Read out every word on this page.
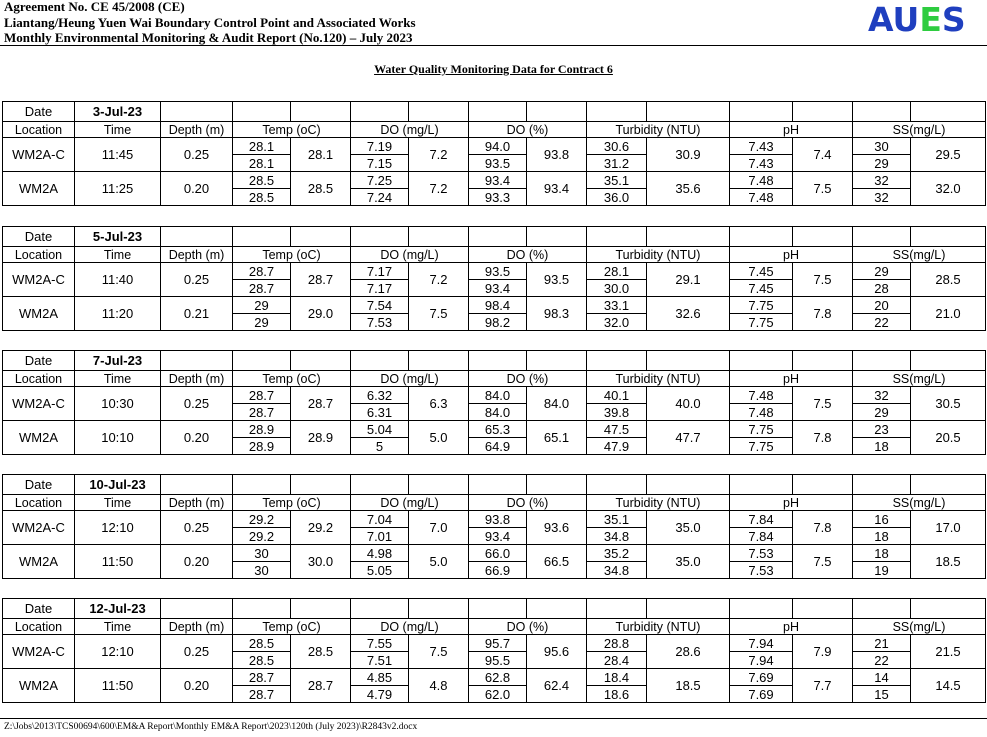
Agreement No. CE 45/2008 (CE)
Liantang/Heung Yuen Wai Boundary Control Point and Associated Works
Monthly Environmental Monitoring & Audit Report (No.120) – July 2023	AUES
Water Quality Monitoring Data for Contract 6
Date	3-Jul-23													
Location	Time	Depth (m)	Temp (oC)		DO (mg/L)		DO (%)		Turbidity (NTU)		pH		SS(mg/L)	
WM2A-C	11:45	0.25	28.1	28.1	7.19	7.2	94.0	93.8	30.6	30.9	7.43	7.4	30	29.5
			28.1		7.15		93.5		31.2		7.43		29	
WM2A	11:25	0.20	28.5	28.5	7.25	7.2	93.4	93.4	35.1	35.6	7.48	7.5	32	32.0
			28.5		7.24		93.3		36.0		7.48		32	
Date	5-Jul-23													
Location	Time	Depth (m)	Temp (oC)		DO (mg/L)		DO (%)		Turbidity (NTU)		pH		SS(mg/L)	
WM2A-C	11:40	0.25	28.7	28.7	7.17	7.2	93.5	93.5	28.1	29.1	7.45	7.5	29	28.5
			28.7		7.17		93.4		30.0		7.45		28	
WM2A	11:20	0.21	29	29.0	7.54	7.5	98.4	98.3	33.1	32.6	7.75	7.8	20	21.0
			29		7.53		98.2		32.0		7.75		22	
Date	7-Jul-23													
Location	Time	Depth (m)	Temp (oC)		DO (mg/L)		DO (%)		Turbidity (NTU)		pH		SS(mg/L)	
WM2A-C	10:30	0.25	28.7	28.7	6.32	6.3	84.0	84.0	40.1	40.0	7.48	7.5	32	30.5
			28.7		6.31		84.0		39.8		7.48		29	
WM2A	10:10	0.20	28.9	28.9	5.04	5.0	65.3	65.1	47.5	47.7	7.75	7.8	23	20.5
			28.9		5		64.9		47.9		7.75		18	
Date	10-Jul-23													
Location	Time	Depth (m)	Temp (oC)		DO (mg/L)		DO (%)		Turbidity (NTU)		pH		SS(mg/L)	
WM2A-C	12:10	0.25	29.2	29.2	7.04	7.0	93.8	93.6	35.1	35.0	7.84	7.8	16	17.0
			29.2		7.01		93.4		34.8		7.84		18	
WM2A	11:50	0.20	30	30.0	4.98	5.0	66.0	66.5	35.2	35.0	7.53	7.5	18	18.5
			30		5.05		66.9		34.8		7.53		19	
Date	12-Jul-23													
Location	Time	Depth (m)	Temp (oC)		DO (mg/L)		DO (%)		Turbidity (NTU)		pH		SS(mg/L)	
WM2A-C	12:10	0.25	28.5	28.5	7.55	7.5	95.7	95.6	28.8	28.6	7.94	7.9	21	21.5
			28.5		7.51		95.5		28.4		7.94		22	
WM2A	11:50	0.20	28.7	28.7	4.85	4.8	62.8	62.4	18.4	18.5	7.69	7.7	14	14.5
			28.7		4.79		62.0		18.6		7.69		15	
Z:\Jobs\2013\TCS00694\600\EM&A Report\Monthly EM&A Report\2023\120th (July 2023)\R2843v2.docx
